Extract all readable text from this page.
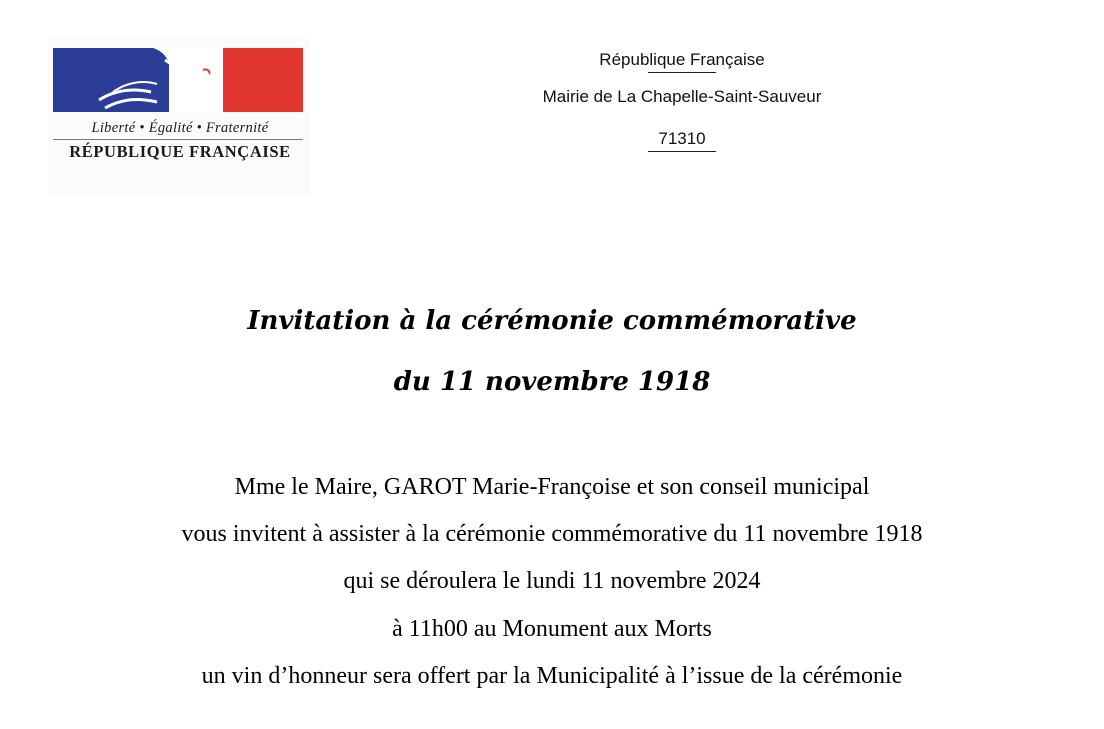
Liberté • Égalité • Fraternité
RÉPUBLIQUE FRANÇAISE
République Française
Mairie de La Chapelle-Saint-Sauveur
71310
Invitation à la cérémonie commémorative
du 11 novembre 1918
Mme le Maire, GAROT Marie-Françoise et son conseil municipal
vous invitent à assister à la cérémonie commémorative du 11 novembre 1918
qui se déroulera le lundi 11 novembre 2024
à 11h00 au Monument aux Morts
un vin d’honneur sera offert par la Municipalité à l’issue de la cérémonie
